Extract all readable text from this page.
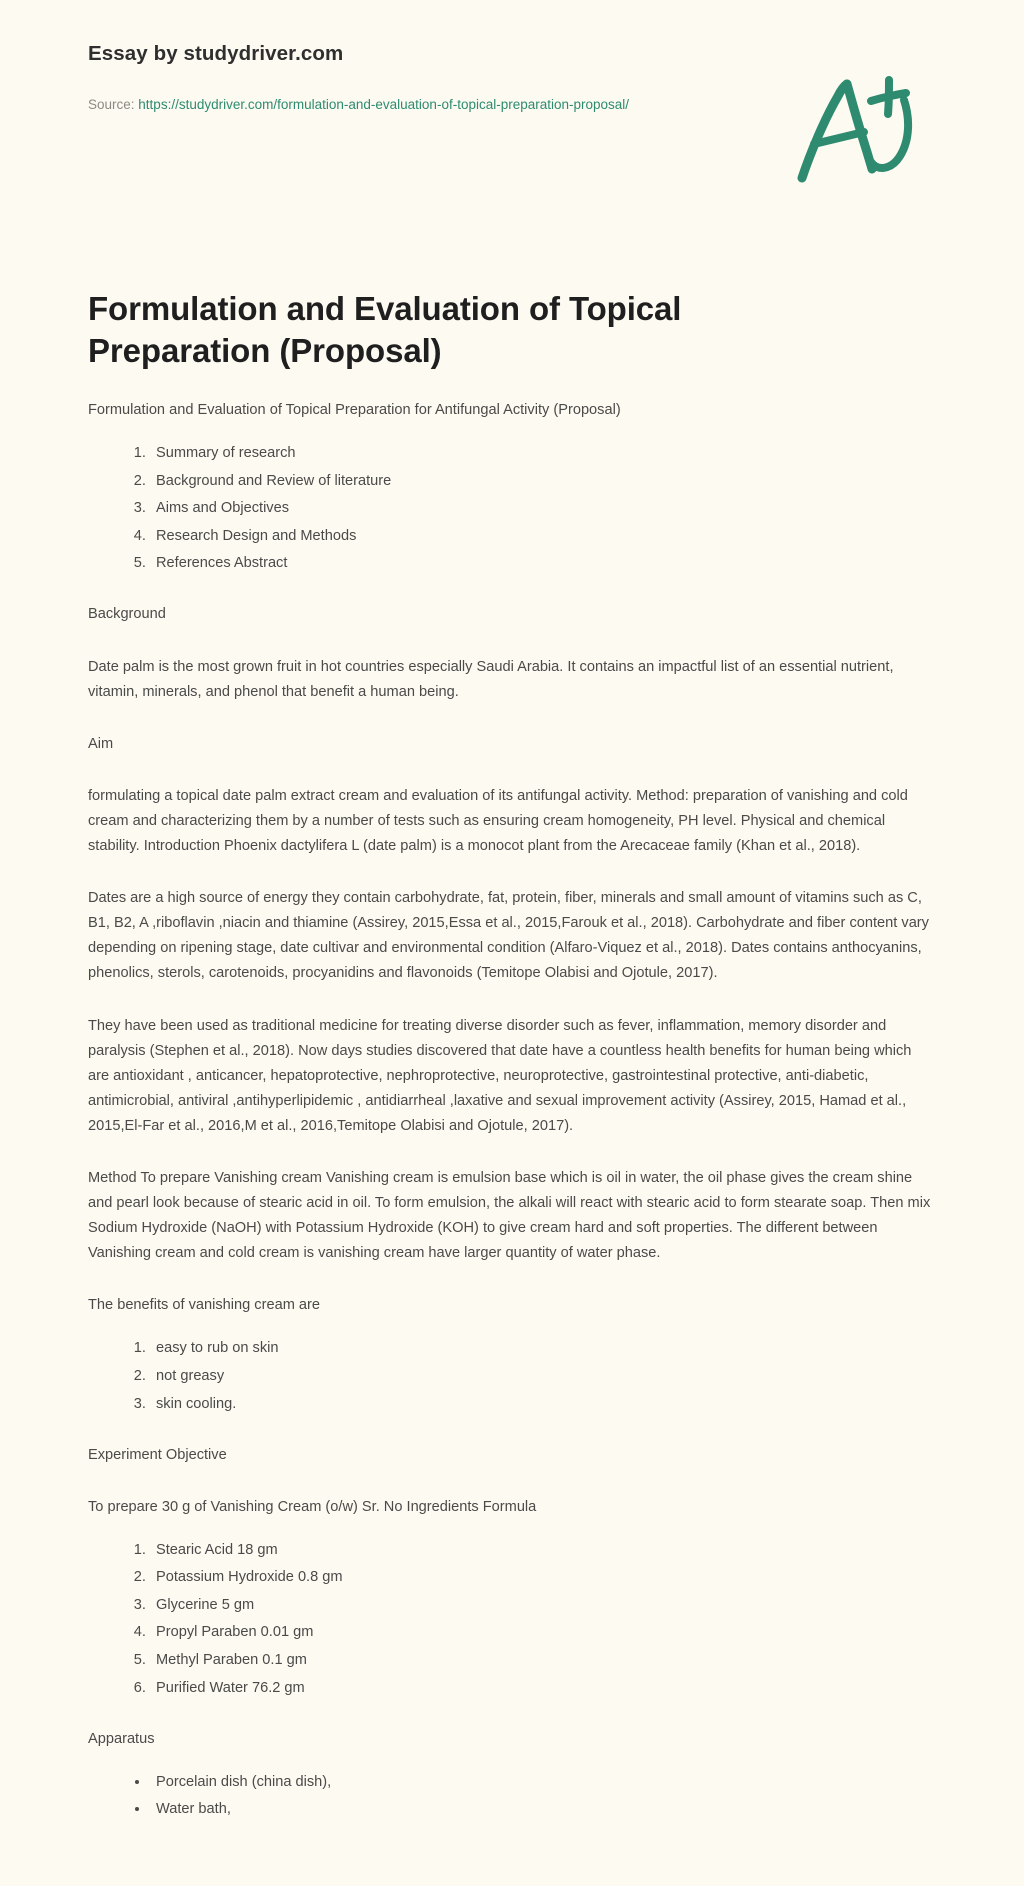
Essay by studydriver.com
Source: https://studydriver.com/formulation-and-evaluation-of-topical-preparation-proposal/
Formulation and Evaluation of Topical Preparation (Proposal)

Formulation and Evaluation of Topical Preparation for Antifungal Activity (Proposal)

1. Summary of research
2. Background and Review of literature
3. Aims and Objectives
4. Research Design and Methods
5. References Abstract

Background

Date palm is the most grown fruit in hot countries especially Saudi Arabia. It contains an impactful list of an essential nutrient, vitamin, minerals, and phenol that benefit a human being.

Aim

formulating a topical date palm extract cream and evaluation of its antifungal activity. Method: preparation of vanishing and cold cream and characterizing them by a number of tests such as ensuring cream homogeneity, PH level. Physical and chemical stability. Introduction Phoenix dactylifera L (date palm) is a monocot plant from the Arecaceae family (Khan et al., 2018).

Dates are a high source of energy they contain carbohydrate, fat, protein, fiber, minerals and small amount of vitamins such as C, B1, B2, A ,riboflavin ,niacin and thiamine (Assirey, 2015,Essa et al., 2015,Farouk et al., 2018). Carbohydrate and fiber content vary depending on ripening stage, date cultivar and environmental condition (Alfaro-Viquez et al., 2018). Dates contains anthocyanins, phenolics, sterols, carotenoids, procyanidins and flavonoids (Temitope Olabisi and Ojotule, 2017).

They have been used as traditional medicine for treating diverse disorder such as fever, inflammation, memory disorder and paralysis (Stephen et al., 2018). Now days studies discovered that date have a countless health benefits for human being which are antioxidant , anticancer, hepatoprotective, nephroprotective, neuroprotective, gastrointestinal protective, anti-diabetic, antimicrobial, antiviral ,antihyperlipidemic , antidiarrheal ,laxative and sexual improvement activity (Assirey, 2015, Hamad et al., 2015,El-Far et al., 2016,M et al., 2016,Temitope Olabisi and Ojotule, 2017).

Method To prepare Vanishing cream Vanishing cream is emulsion base which is oil in water, the oil phase gives the cream shine and pearl look because of stearic acid in oil. To form emulsion, the alkali will react with stearic acid to form stearate soap. Then mix Sodium Hydroxide (NaOH) with Potassium Hydroxide (KOH) to give cream hard and soft properties. The different between Vanishing cream and cold cream is vanishing cream have larger quantity of water phase.

The benefits of vanishing cream are

1. easy to rub on skin
2. not greasy
3. skin cooling.

Experiment Objective

To prepare 30 g of Vanishing Cream (o/w) Sr. No Ingredients Formula

1. Stearic Acid 18 gm
2. Potassium Hydroxide 0.8 gm
3. Glycerine 5 gm
4. Propyl Paraben 0.01 gm
5. Methyl Paraben 0.1 gm
6. Purified Water 76.2 gm

Apparatus

• Porcelain dish (china dish),
• Water bath,
